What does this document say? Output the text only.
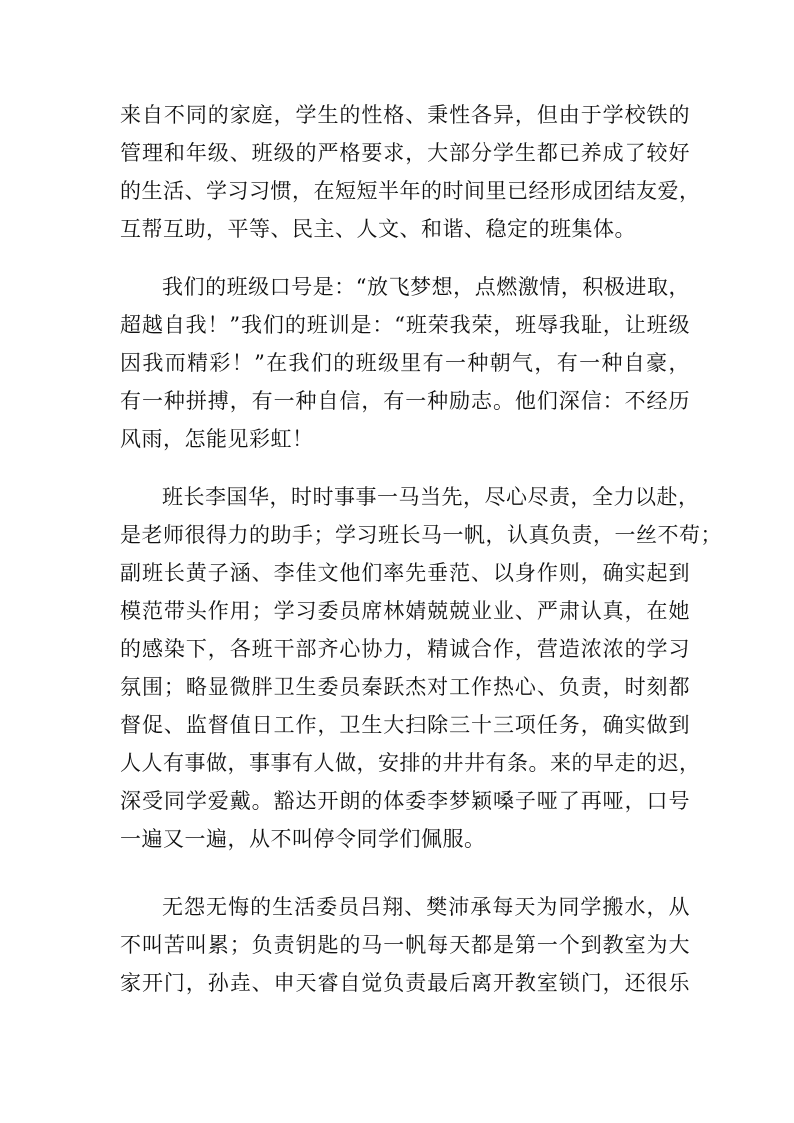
来自不同的家庭，学生的性格、秉性各异，但由于学校铁的
管理和年级、班级的严格要求，大部分学生都已养成了较好
的生活、学习习惯，在短短半年的时间里已经形成团结友爱，
互帮互助，平等、民主、人文、和谐、稳定的班集体。
我们的班级口号是：“放飞梦想，点燃激情，积极进取，
超越自我！”我们的班训是：“班荣我荣，班辱我耻，让班级
因我而精彩！”在我们的班级里有一种朝气，有一种自豪，
有一种拼搏，有一种自信，有一种励志。他们深信：不经历
风雨，怎能见彩虹！
班长李国华，时时事事一马当先，尽心尽责，全力以赴，
是老师很得力的助手；学习班长马一帆，认真负责，一丝不苟；
副班长黄子涵、李佳文他们率先垂范、以身作则，确实起到
模范带头作用；学习委员席林婧兢兢业业、严肃认真，在她
的感染下，各班干部齐心协力，精诚合作，营造浓浓的学习
氛围；略显微胖卫生委员秦跃杰对工作热心、负责，时刻都
督促、监督值日工作，卫生大扫除三十三项任务，确实做到
人人有事做，事事有人做，安排的井井有条。来的早走的迟，
深受同学爱戴。豁达开朗的体委李梦颖嗓子哑了再哑，口号
一遍又一遍，从不叫停令同学们佩服。
无怨无悔的生活委员吕翔、樊沛承每天为同学搬水，从
不叫苦叫累；负责钥匙的马一帆每天都是第一个到教室为大
家开门，孙垚、申天睿自觉负责最后离开教室锁门，还很乐
